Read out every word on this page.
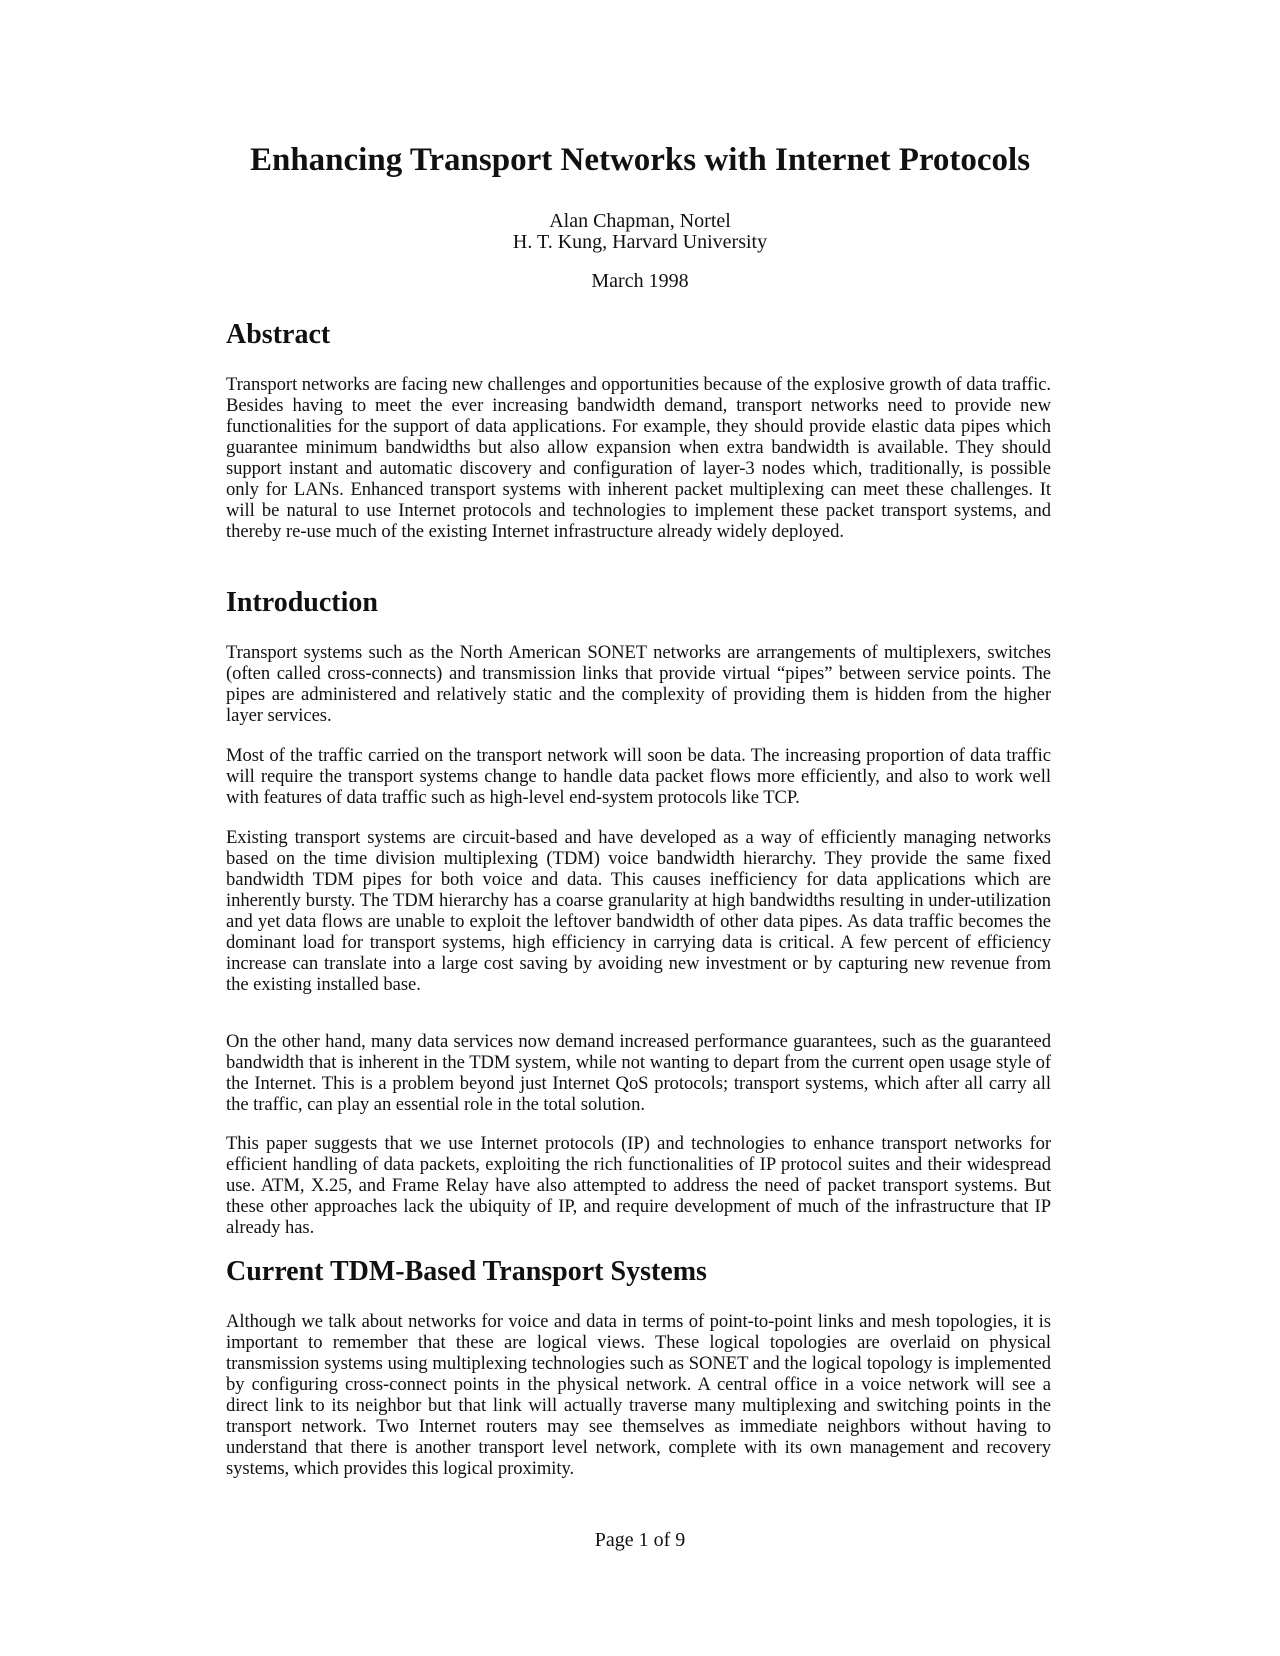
Enhancing Transport Networks with Internet Protocols
Alan Chapman, Nortel
H. T. Kung, Harvard University
March 1998
Abstract

Transport networks are facing new challenges and opportunities because of the explosive growth of data traffic. Besides having to meet the ever increasing bandwidth demand, transport networks need to provide new functionalities for the support of data applications. For example, they should provide elastic data pipes which guarantee minimum bandwidths but also allow expansion when extra bandwidth is available. They should support instant and automatic discovery and configuration of layer-3 nodes which, traditionally, is possible only for LANs. Enhanced transport systems with inherent packet multiplexing can meet these challenges. It will be natural to use Internet protocols and technologies to implement these packet transport systems, and thereby re-use much of the existing Internet infrastructure already widely deployed.

Introduction

Transport systems such as the North American SONET networks are arrangements of multiplexers, switches (often called cross-connects) and transmission links that provide virtual “pipes” between service points. The pipes are administered and relatively static and the complexity of providing them is hidden from the higher layer services.

Most of the traffic carried on the transport network will soon be data. The increasing proportion of data traffic will require the transport systems change to handle data packet flows more efficiently, and also to work well with features of data traffic such as high-level end-system protocols like TCP.

Existing transport systems are circuit-based and have developed as a way of efficiently managing networks based on the time division multiplexing (TDM) voice bandwidth hierarchy. They provide the same fixed bandwidth TDM pipes for both voice and data. This causes inefficiency for data applications which are inherently bursty. The TDM hierarchy has a coarse granularity at high bandwidths resulting in under-utilization and yet data flows are unable to exploit the leftover bandwidth of other data pipes. As data traffic becomes the dominant load for transport systems, high efficiency in carrying data is critical. A few percent of efficiency increase can translate into a large cost saving by avoiding new investment or by capturing new revenue from the existing installed base.

On the other hand, many data services now demand increased performance guarantees, such as the guaranteed bandwidth that is inherent in the TDM system, while not wanting to depart from the current open usage style of the Internet. This is a problem beyond just Internet QoS protocols; transport systems, which after all carry all the traffic, can play an essential role in the total solution.

This paper suggests that we use Internet protocols (IP) and technologies to enhance transport networks for efficient handling of data packets, exploiting the rich functionalities of IP protocol suites and their widespread use. ATM, X.25, and Frame Relay have also attempted to address the need of packet transport systems. But these other approaches lack the ubiquity of IP, and require development of much of the infrastructure that IP already has.

Current TDM-Based Transport Systems

Although we talk about networks for voice and data in terms of point-to-point links and mesh topologies, it is important to remember that these are logical views. These logical topologies are overlaid on physical transmission systems using multiplexing technologies such as SONET and the logical topology is implemented by configuring cross-connect points in the physical network. A central office in a voice network will see a direct link to its neighbor but that link will actually traverse many multiplexing and switching points in the transport network. Two Internet routers may see themselves as immediate neighbors without having to understand that there is another transport level network, complete with its own management and recovery systems, which provides this logical proximity.

Page 1 of 9
